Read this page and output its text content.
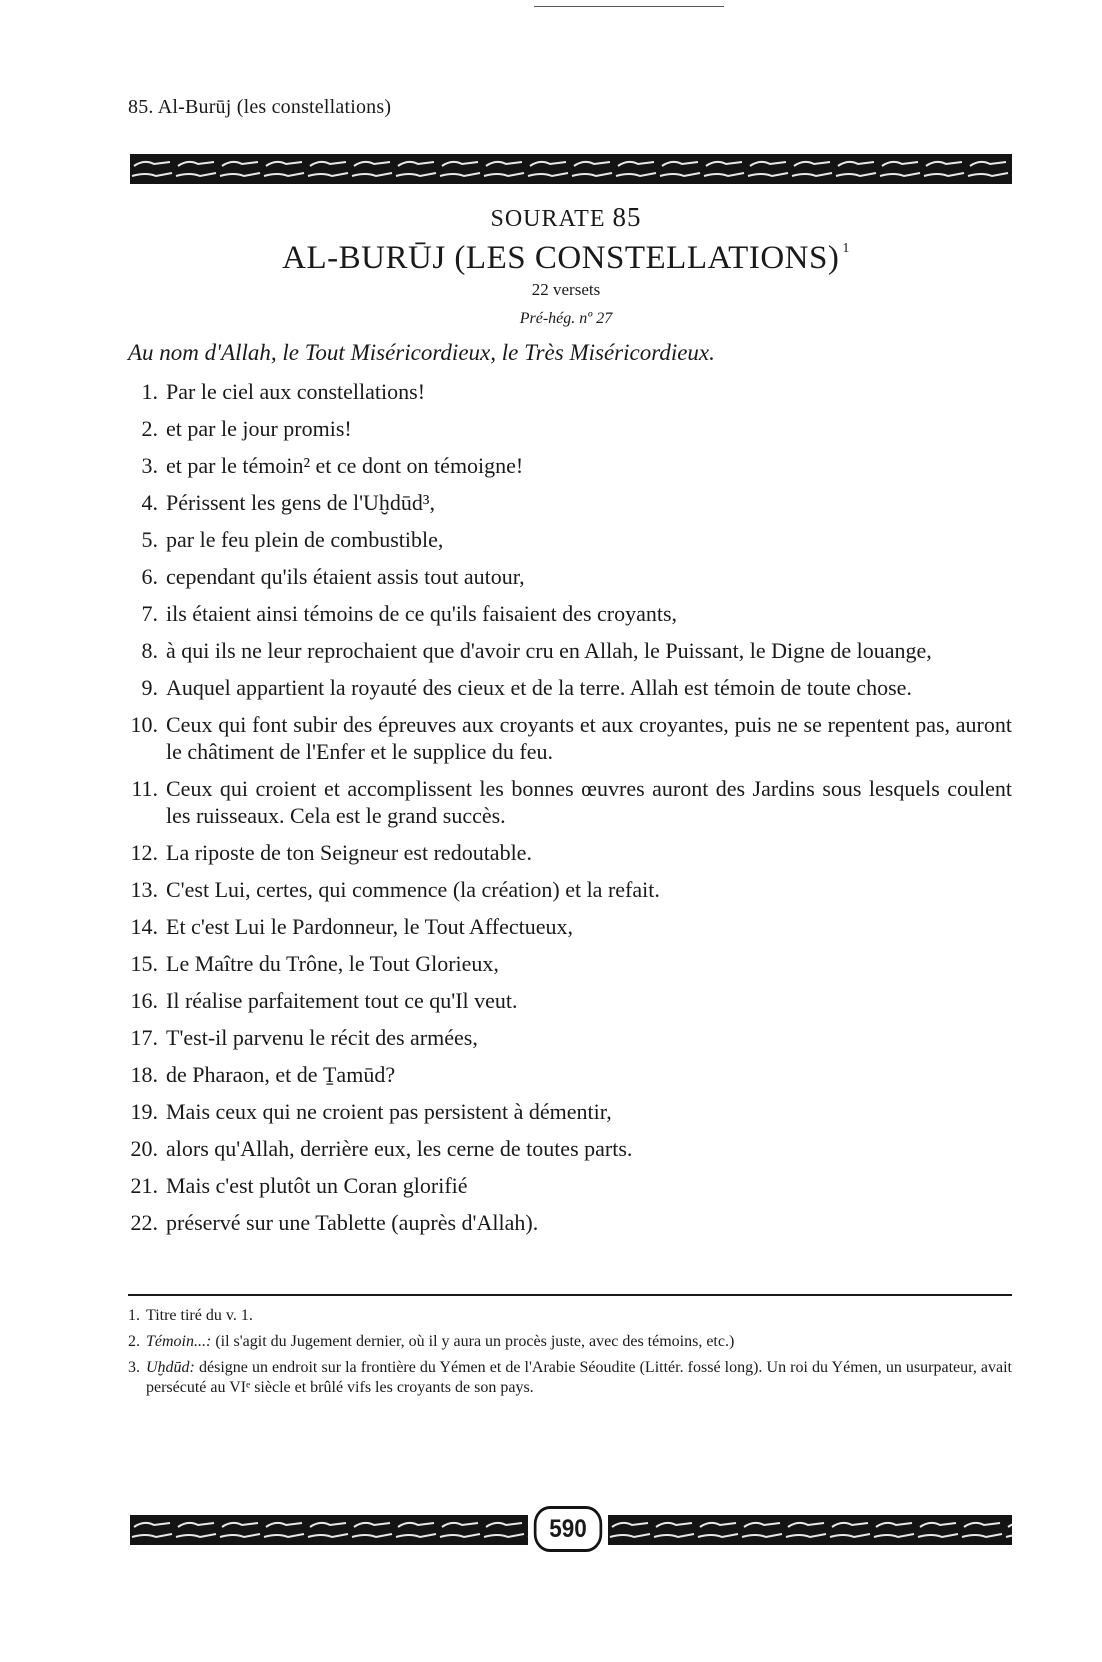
85. Al-Burūj (les constellations)
SOURATE 85
AL-BURŪJ (LES CONSTELLATIONS) $^1$
22 versets
Pré-hég. nº 27
Au nom d'Allah, le Tout Miséricordieux, le Très Miséricordieux.
1. Par le ciel aux constellations!
2. et par le jour promis!
3. et par le témoin² et ce dont on témoigne!
4. Périssent les gens de l'Uḫdūd³,
5. par le feu plein de combustible,
6. cependant qu'ils étaient assis tout autour,
7. ils étaient ainsi témoins de ce qu'ils faisaient des croyants,
8. à qui ils ne leur reprochaient que d'avoir cru en Allah, le Puissant, le Digne de louange,
9. Auquel appartient la royauté des cieux et de la terre. Allah est témoin de toute chose.
10. Ceux qui font subir des épreuves aux croyants et aux croyantes, puis ne se repentent pas, auront le châtiment de l'Enfer et le supplice du feu.
11. Ceux qui croient et accomplissent les bonnes œuvres auront des Jardins sous lesquels coulent les ruisseaux. Cela est le grand succès.
12. La riposte de ton Seigneur est redoutable.
13. C'est Lui, certes, qui commence (la création) et la refait.
14. Et c'est Lui le Pardonneur, le Tout Affectueux,
15. Le Maître du Trône, le Tout Glorieux,
16. Il réalise parfaitement tout ce qu'Il veut.
17. T'est-il parvenu le récit des armées,
18. de Pharaon, et de Ṯamūd?
19. Mais ceux qui ne croient pas persistent à démentir,
20. alors qu'Allah, derrière eux, les cerne de toutes parts.
21. Mais c'est plutôt un Coran glorifié
22. préservé sur une Tablette (auprès d'Allah).
1. Titre tiré du v. 1.
2. Témoin...: (il s'agit du Jugement dernier, où il y aura un procès juste, avec des témoins, etc.)
3. Uḫdūd: désigne un endroit sur la frontière du Yémen et de l'Arabie Séoudite (Littér. fossé long). Un roi du Yémen, un usurpateur, avait persécuté au VIᵉ siècle et brûlé vifs les croyants de son pays.
590
